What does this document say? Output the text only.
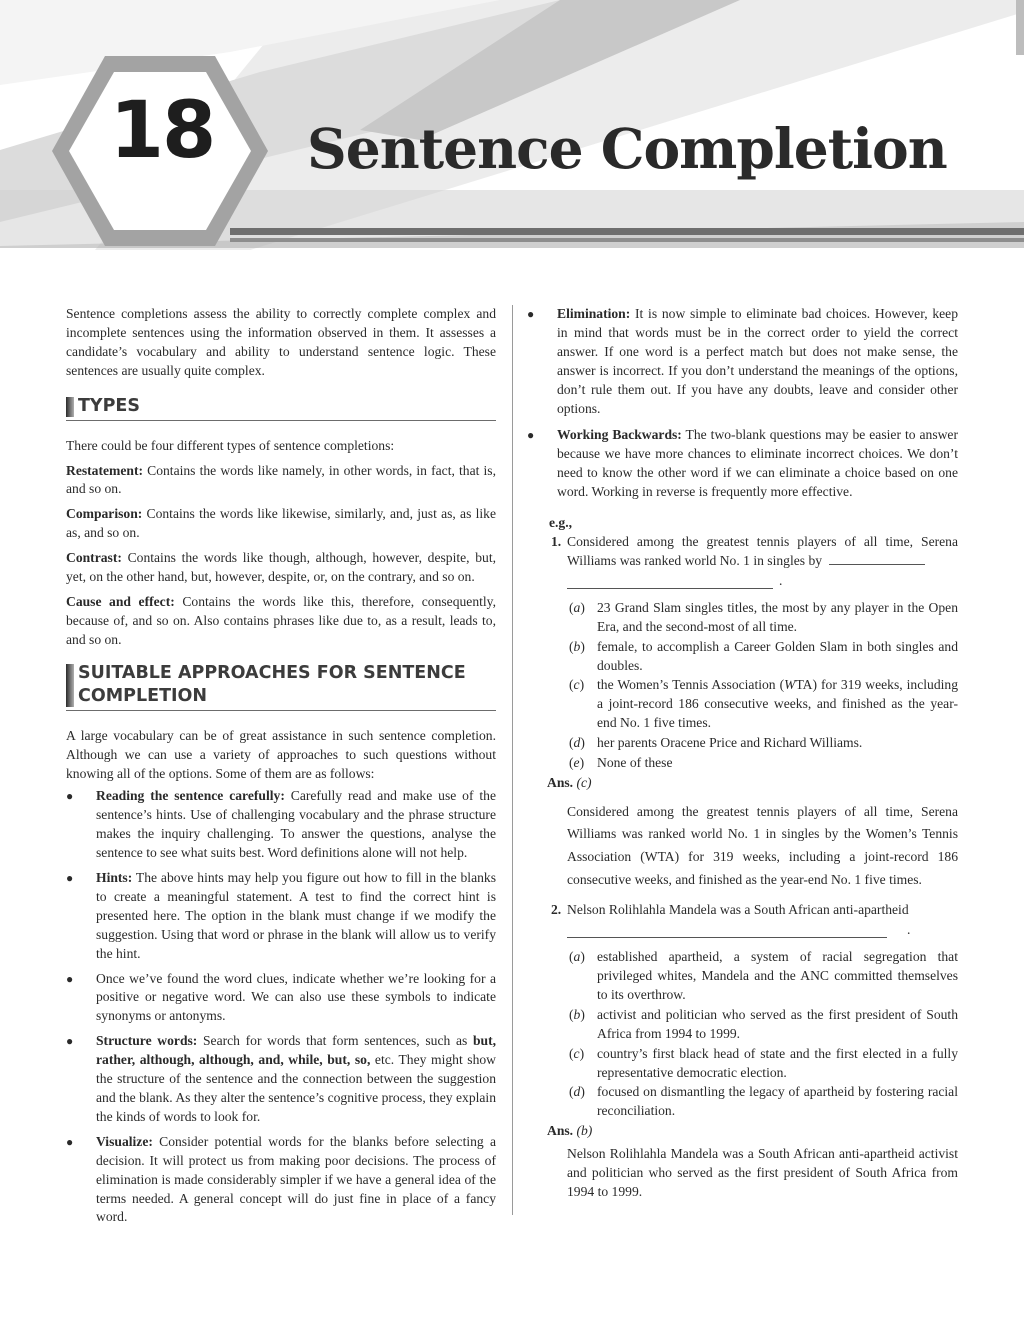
18	Sentence Completion

Sentence completions assess the ability to correctly complete complex and incomplete sentences using the information observed in them. It assesses a candidate’s vocabulary and ability to understand sentence logic. These sentences are usually quite complex.

TYPES

There could be four different types of sentence completions:

Restatement: Contains the words like namely, in other words, in fact, that is, and so on.

Comparison: Contains the words like likewise, similarly, and, just as, as like as, and so on.

Contrast: Contains the words like though, although, however, despite, but, yet, on the other hand, but, however, despite, or, on the contrary, and so on.

Cause and effect: Contains the words like this, therefore, consequently, because of, and so on. Also contains phrases like due to, as a result, leads to, and so on.

SUITABLE APPROACHES FOR SENTENCE
COMPLETION

A large vocabulary can be of great assistance in such sentence completion. Although we can use a variety of approaches to such questions without knowing all of the options. Some of them are as follows:

● Reading the sentence carefully: Carefully read and make use of the sentence’s hints. Use of challenging vocabulary and the phrase structure makes the inquiry challenging. To answer the questions, analyse the sentence to see what suits best. Word definitions alone will not help.
● Hints: The above hints may help you figure out how to fill in the blanks to create a meaningful statement. A test to find the correct hint is presented here. The option in the blank must change if we modify the suggestion. Using that word or phrase in the blank will allow us to verify the hint.
● Once we’ve found the word clues, indicate whether we’re looking for a positive or negative word. We can also use these symbols to indicate synonyms or antonyms.
● Structure words: Search for words that form sentences, such as but, rather, although, although, and, while, but, so, etc. They might show the structure of the sentence and the connection between the suggestion and the blank. As they alter the sentence’s cognitive process, they explain the kinds of words to look for.
● Visualize: Consider potential words for the blanks before selecting a decision. It will protect us from making poor decisions. The process of elimination is made considerably simpler if we have a general idea of the terms needed. A general concept will do just fine in place of a fancy word.
● Elimination: It is now simple to eliminate bad choices. However, keep in mind that words must be in the correct order to yield the correct answer. If one word is a perfect match but does not make sense, the answer is incorrect. If you don’t understand the meanings of the options, don’t rule them out. If you have any doubts, leave and consider other options.
● Working Backwards: The two-blank questions may be easier to answer because we have more chances to eliminate incorrect choices. We don’t need to know the other word if we can eliminate a choice based on one word. Working in reverse is frequently more effective.
e.g.,
1. Considered among the greatest tennis players of all time, Serena Williams was ranked world No. 1 in singles by
.
(a) 23 Grand Slam singles titles, the most by any player in the Open Era, and the second-most of all time.
(b) female, to accomplish a Career Golden Slam in both singles and doubles.
(c) the Women’s Tennis Association (WTA) for 319 weeks, including a joint-record 186 consecutive weeks, and finished as the year-end No. 1 five times.
(d) her parents Oracene Price and Richard Williams.
(e) None of these
Ans. (c)

Considered among the greatest tennis players of all time, Serena Williams was ranked world No. 1 in singles by the Women’s Tennis Association (WTA) for 319 weeks, including a joint-record 186 consecutive weeks, and finished as the year-end No. 1 five times.

2. Nelson Rolihlahla Mandela was a South African anti-apartheid
.
(a) established apartheid, a system of racial segregation that privileged whites, Mandela and the ANC committed themselves to its overthrow.
(b) activist and politician who served as the first president of South Africa from 1994 to 1999.
(c) country’s first black head of state and the first elected in a fully representative democratic election.
(d) focused on dismantling the legacy of apartheid by fostering racial reconciliation.
Ans. (b)

Nelson Rolihlahla Mandela was a South African anti-apartheid activist and politician who served as the first president of South Africa from 1994 to 1999.
